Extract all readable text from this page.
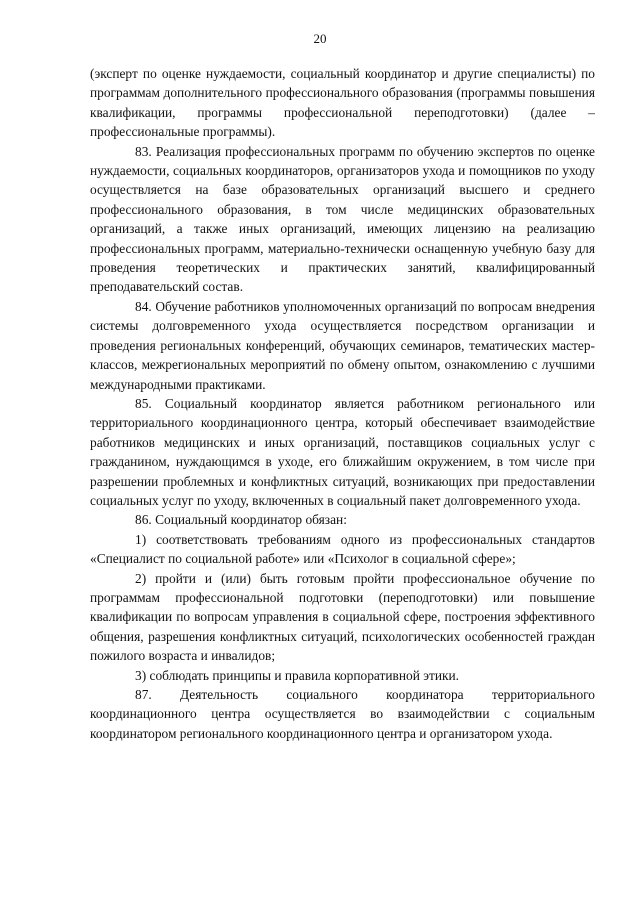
20

(эксперт по оценке нуждаемости, социальный координатор и другие специалисты) по программам дополнительного профессионального образования (программы повышения квалификации, программы профессиональной переподготовки) (далее – профессиональные программы).

83. Реализация профессиональных программ по обучению экспертов по оценке нуждаемости, социальных координаторов, организаторов ухода и помощников по уходу осуществляется на базе образовательных организаций высшего и среднего профессионального образования, в том числе медицинских образовательных организаций, а также иных организаций, имеющих лицензию на реализацию профессиональных программ, материально-технически оснащенную учебную базу для проведения теоретических и практических занятий, квалифицированный преподавательский состав.

84. Обучение работников уполномоченных организаций по вопросам внедрения системы долговременного ухода осуществляется посредством организации и проведения региональных конференций, обучающих семинаров, тематических мастер-классов, межрегиональных мероприятий по обмену опытом, ознакомлению с лучшими международными практиками.

85. Социальный координатор является работником регионального или территориального координационного центра, который обеспечивает взаимодействие работников медицинских и иных организаций, поставщиков социальных услуг с гражданином, нуждающимся в уходе, его ближайшим окружением, в том числе при разрешении проблемных и конфликтных ситуаций, возникающих при предоставлении социальных услуг по уходу, включенных в социальный пакет долговременного ухода.

86. Социальный координатор обязан:

1) соответствовать требованиям одного из профессиональных стандартов «Специалист по социальной работе» или «Психолог в социальной сфере»;

2) пройти и (или) быть готовым пройти профессиональное обучение по программам профессиональной подготовки (переподготовки) или повышение квалификации по вопросам управления в социальной сфере, построения эффективного общения, разрешения конфликтных ситуаций, психологических особенностей граждан пожилого возраста и инвалидов;

3) соблюдать принципы и правила корпоративной этики.

87. Деятельность социального координатора территориального координационного центра осуществляется во взаимодействии с социальным координатором регионального координационного центра и организатором ухода.
